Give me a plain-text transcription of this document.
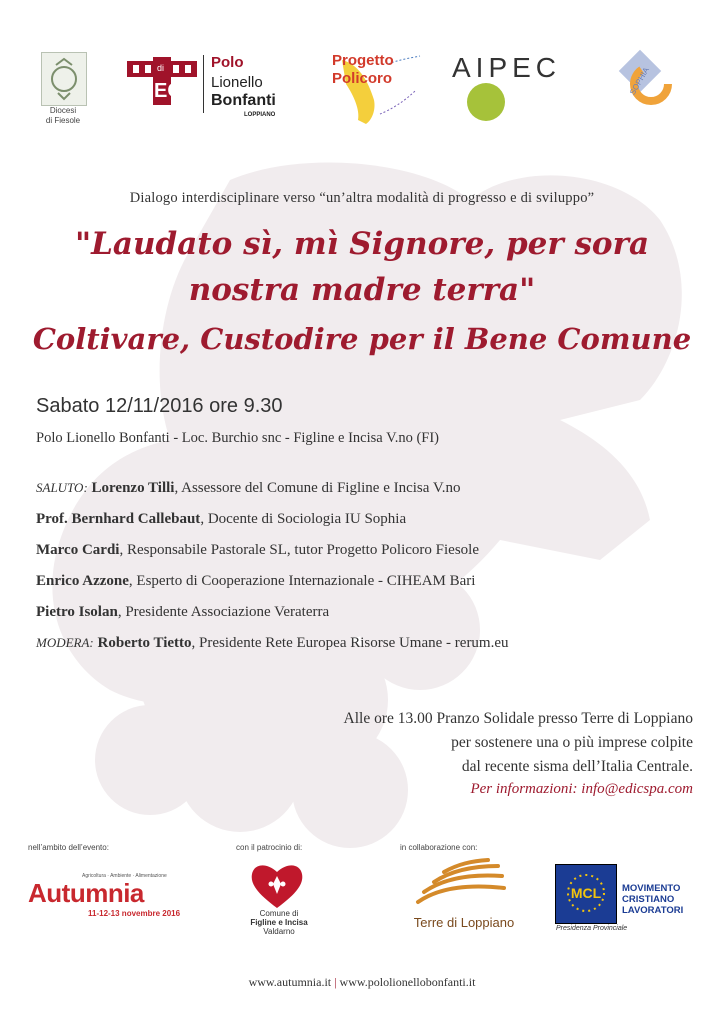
Diocesi
di Fiesole
di
EC
Polo
Lionello
Bonfanti
LOPPIANO
Progetto
Policoro AIPEC	SOPHIA
Dialogo interdisciplinare verso “un’altra modalità di progresso e di sviluppo”
"Laudato sì, mì Signore, per sora
nostra madre terra"
Coltivare, Custodire per il Bene Comune
Sabato 12/11/2016 ore 9.30
Polo Lionello Bonfanti - Loc. Burchio snc - Figline e Incisa V.no (FI)
SALUTO: Lorenzo Tilli, Assessore del Comune di Figline e Incisa V.no
Prof. Bernhard Callebaut, Docente di Sociologia IU Sophia
Marco Cardi, Responsabile Pastorale SL, tutor Progetto Policoro Fiesole
Enrico Azzone, Esperto di Cooperazione Internazionale - CIHEAM Bari
Pietro Isolan, Presidente Associazione Veraterra
MODERA: Roberto Tietto, Presidente Rete Europea Risorse Umane - rerum.eu
Alle ore 13.00 Pranzo Solidale presso Terre di Loppiano
per sostenere una o più imprese colpite
dal recente sisma dell’Italia Centrale.
Per informazioni: info@edicspa.com
nell’ambito dell’evento:	con il patrocinio di:	in collaborazione con:
Agricoltura · Ambiente · Alimentazione
Autumnia
11-12-13 novembre 2016	Comune di
Figline e Incisa
Valdarno
Terre di Loppiano
MCL MOVIMENTO
CRISTIANO
LAVORATORI
Presidenza Provinciale
www.autumnia.it | www.pololionellobonfanti.it
